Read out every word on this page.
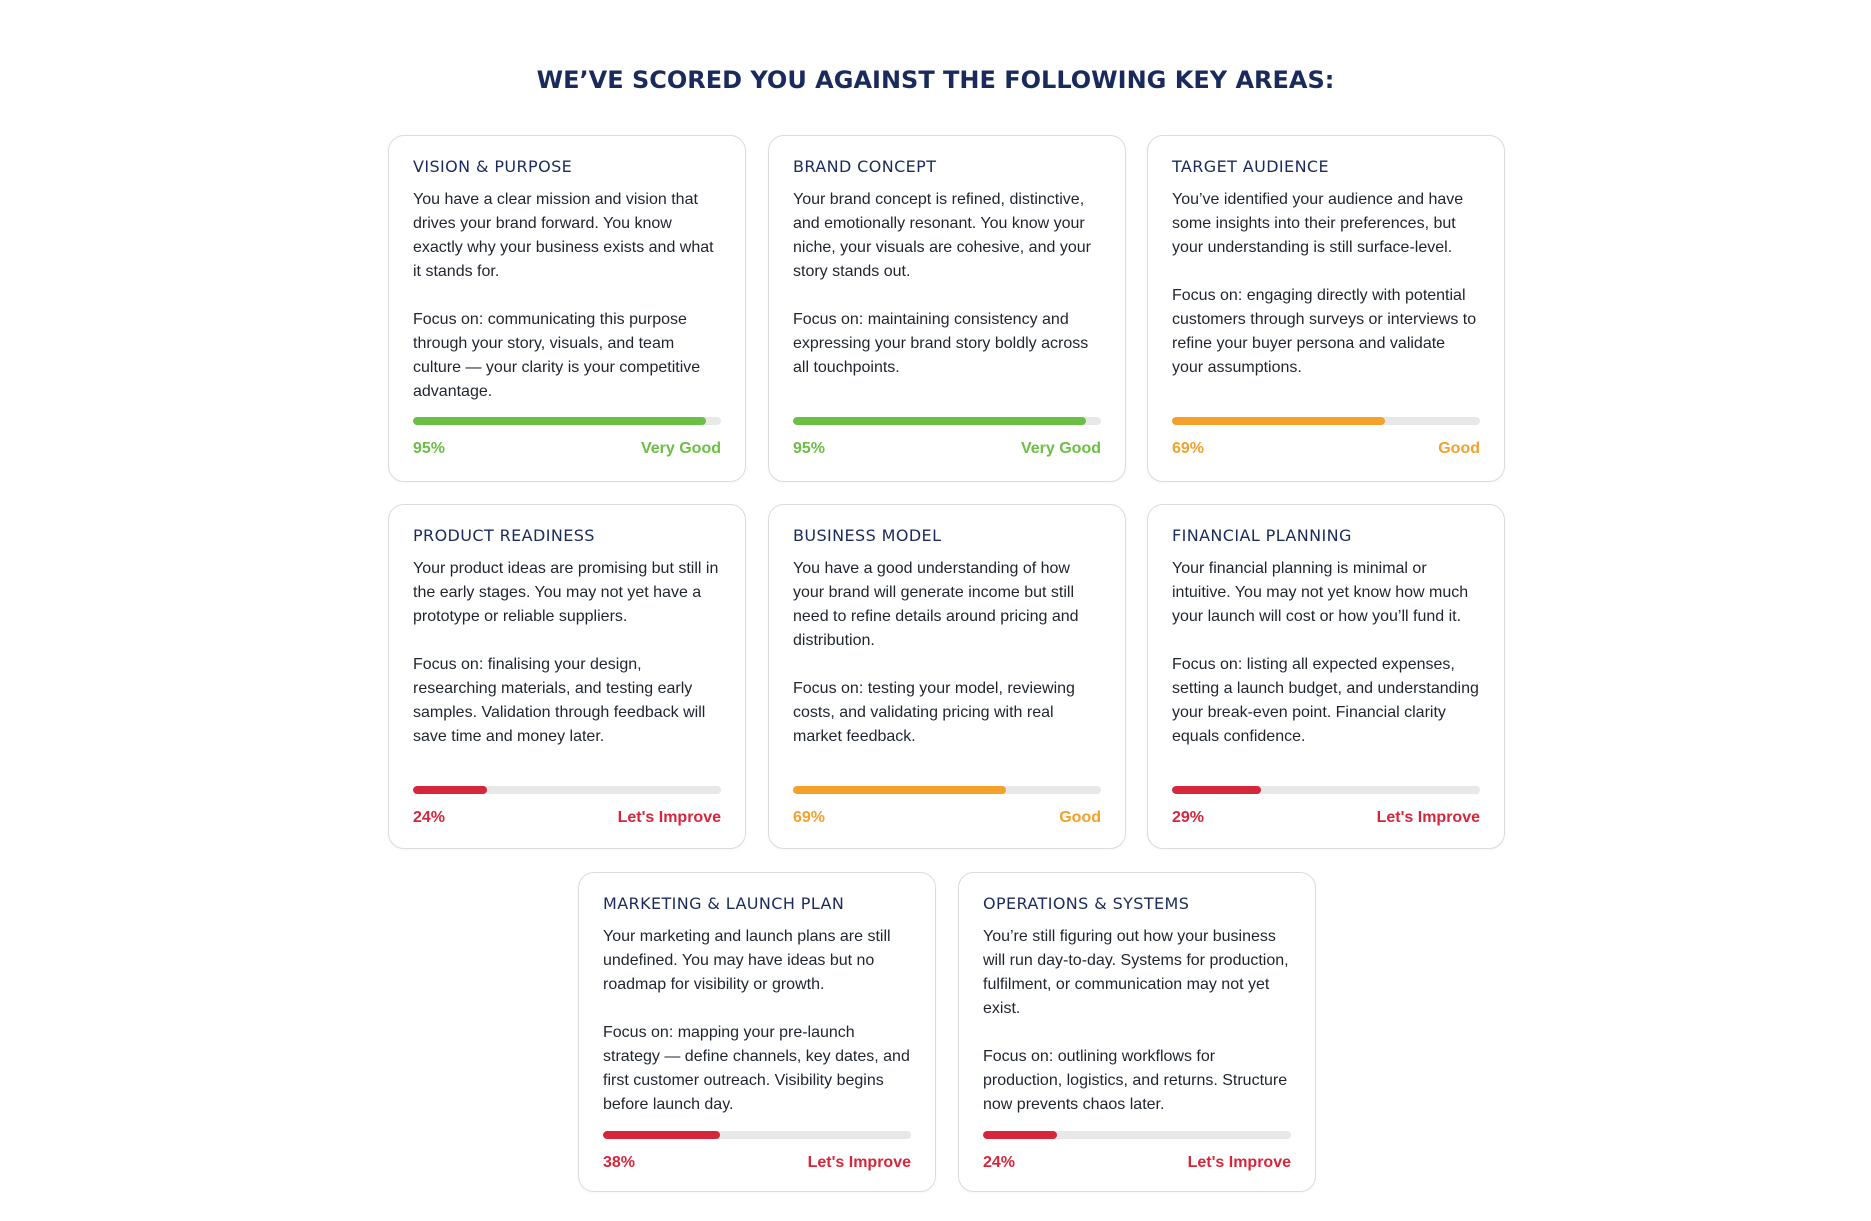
WE’VE SCORED YOU AGAINST THE FOLLOWING KEY AREAS:
VISION & PURPOSE

You have a clear mission and vision that drives your brand forward. You know exactly why your business exists and what it stands for.

Focus on: communicating this purpose through your story, visuals, and team culture — your clarity is your competitive advantage.

95%	Very Good
BRAND CONCEPT

Your brand concept is refined, distinctive, and emotionally resonant. You know your niche, your visuals are cohesive, and your story stands out.

Focus on: maintaining consistency and expressing your brand story boldly across all touchpoints.

95%	Very Good
TARGET AUDIENCE

You’ve identified your audience and have some insights into their preferences, but your understanding is still surface-level.

Focus on: engaging directly with potential customers through surveys or interviews to refine your buyer persona and validate your assumptions.

69%	Good
PRODUCT READINESS

Your product ideas are promising but still in the early stages. You may not yet have a prototype or reliable suppliers.

Focus on: finalising your design, researching materials, and testing early samples. Validation through feedback will save time and money later.

24%	Let's Improve
BUSINESS MODEL

You have a good understanding of how your brand will generate income but still need to refine details around pricing and distribution.

Focus on: testing your model, reviewing costs, and validating pricing with real market feedback.

69%	Good
FINANCIAL PLANNING

Your financial planning is minimal or intuitive. You may not yet know how much your launch will cost or how you’ll fund it.

Focus on: listing all expected expenses, setting a launch budget, and understanding your break-even point. Financial clarity equals confidence.

29%	Let's Improve
MARKETING & LAUNCH PLAN

Your marketing and launch plans are still undefined. You may have ideas but no roadmap for visibility or growth.

Focus on: mapping your pre-launch strategy — define channels, key dates, and first customer outreach. Visibility begins before launch day.

38%	Let's Improve
OPERATIONS & SYSTEMS

You’re still figuring out how your business will run day-to-day. Systems for production, fulfilment, or communication may not yet exist.

Focus on: outlining workflows for production, logistics, and returns. Structure now prevents chaos later.

24%	Let's Improve
